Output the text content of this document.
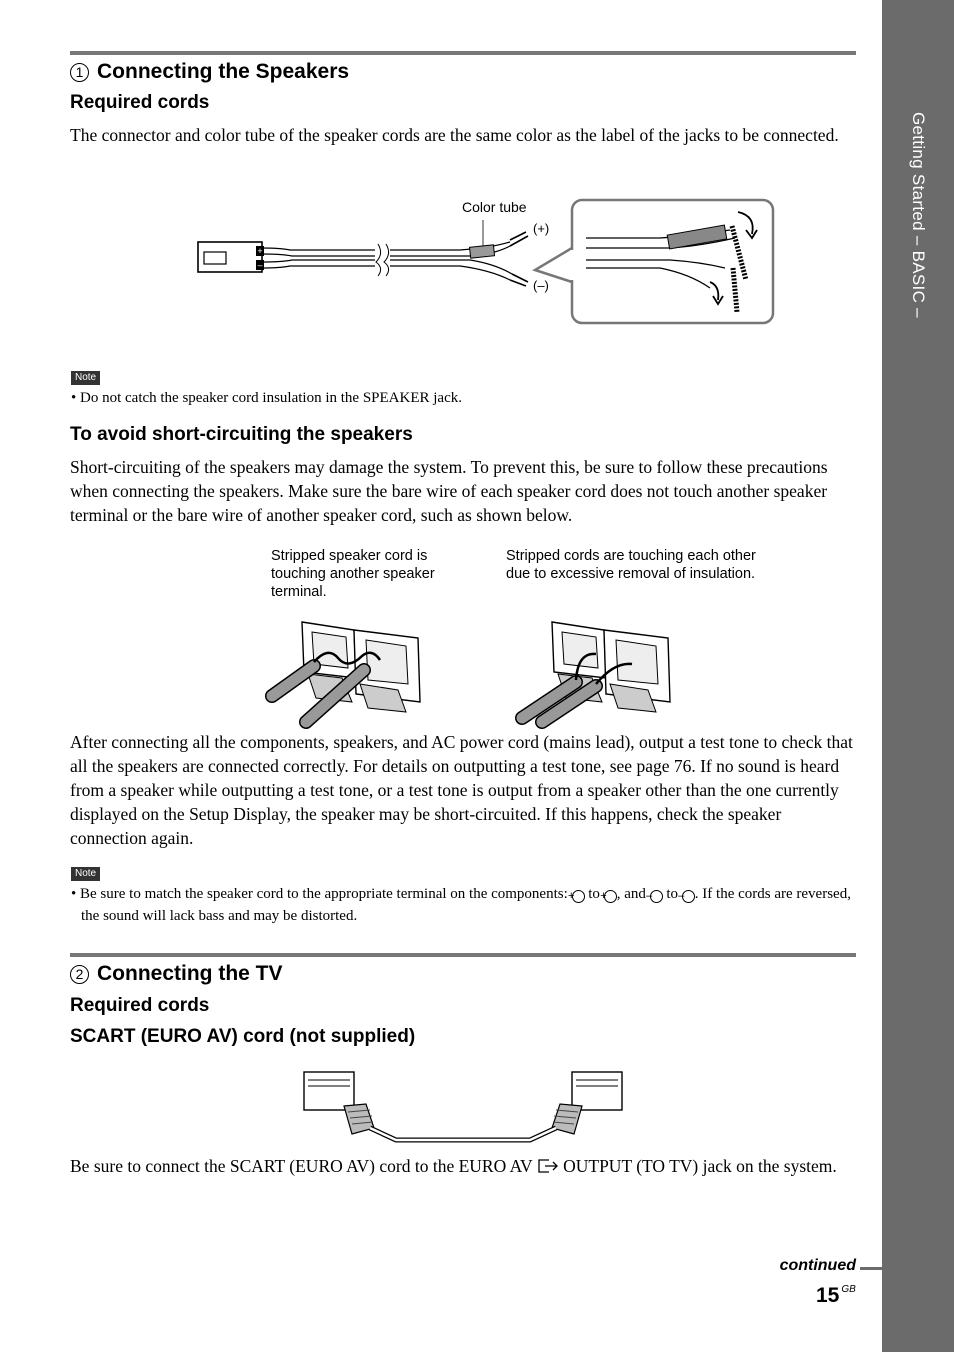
Getting Started – BASIC –
1 Connecting the Speakers
Required cords

The connector and color tube of the speaker cords are the same color as the label of the jacks to be connected.

+
–
Color tube
(+)
(–)
Note

• Do not catch the speaker cord insulation in the SPEAKER jack.

To avoid short-circuiting the speakers

Short-circuiting of the speakers may damage the system. To prevent this, be sure to follow these precautions when connecting the speakers. Make sure the bare wire of each speaker cord does not touch another speaker terminal or the bare wire of another speaker cord, such as shown below.

Stripped speaker cord is touching another speaker terminal.

Stripped cords are touching each other due to excessive removal of insulation.

After connecting all the components, speakers, and AC power cord (mains lead), output a test tone to check that all the speakers are connected correctly. For details on outputting a test tone, see page 76. If no sound is heard from a speaker while outputting a test tone, or a test tone is output from a speaker other than the one currently displayed on the Setup Display, the speaker may be short-circuited. If this happens, check the speaker connection again.

Note

• Be sure to match the speaker cord to the appropriate terminal on the components: + to + , and – to – . If the cords are reversed, the sound will lack bass and may be distorted.

2 Connecting the TV
Required cords
SCART (EURO AV) cord (not supplied)

Be sure to connect the SCART (EURO AV) cord to the EURO AV OUTPUT (TO TV) jack on the system.

continued
15 $^{GB}$
